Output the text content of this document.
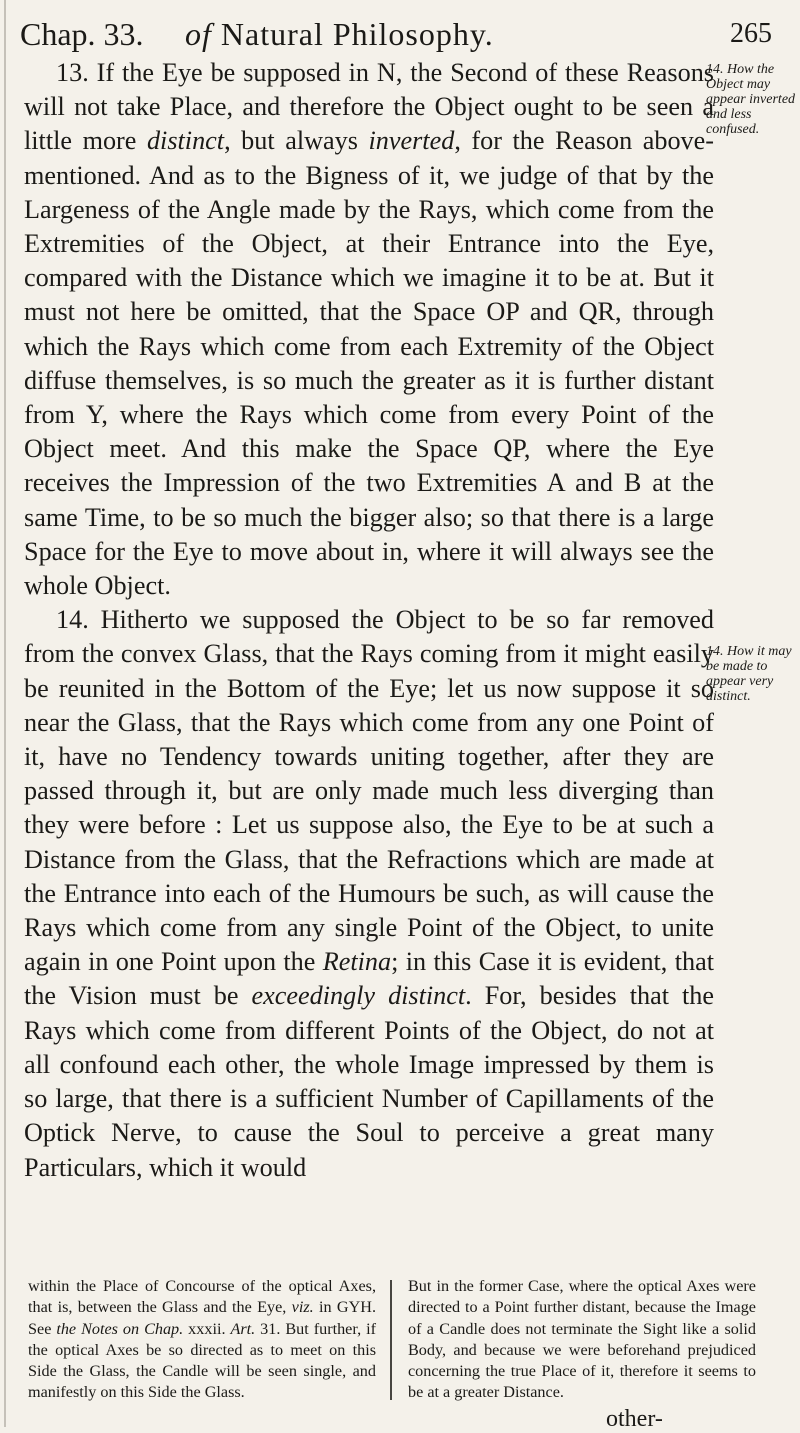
Chap. 33. of Natural Philosophy.	265

13. If the Eye be supposed in N, the Second of these Reasons will not take Place, and therefore the Object ought to be seen a little more distinct, but always inverted, for the Reason above-mentioned. And as to the Bigness of it, we judge of that by the Largeness of the Angle made by the Rays, which come from the Extremities of the Object, at their Entrance into the Eye, compared with the Distance which we imagine it to be at. But it must not here be omitted, that the Space OP and QR, through which the Rays which come from each Extremity of the Object diffuse themselves, is so much the greater as it is further distant from Y, where the Rays which come from every Point of the Object meet. And this make the Space QP, where the Eye receives the Impression of the two Extremities A and B at the same Time, to be so much the bigger also; so that there is a large Space for the Eye to move about in, where it will always see the whole Object.

14. Hitherto we supposed the Object to be so far removed from the convex Glass, that the Rays coming from it might easily be reunited in the Bottom of the Eye; let us now suppose it so near the Glass, that the Rays which come from any one Point of it, have no Tendency towards uniting together, after they are passed through it, but are only made much less diverging than they were before : Let us suppose also, the Eye to be at such a Distance from the Glass, that the Refractions which are made at the Entrance into each of the Humours be such, as will cause the Rays which come from any single Point of the Object, to unite again in one Point upon the Retina; in this Case it is evident, that the Vision must be exceedingly distinct. For, besides that the Rays which come from different Points of the Object, do not at all confound each other, the whole Image impressed by them is so large, that there is a sufficient Number of Capillaments of the Optick Nerve, to cause the Soul to perceive a great many Particulars, which it would

14. How the Object may appear inverted and less confused.
14. How it may be made to appear very distinct.
within the Place of Concourse of the optical Axes, that is, between the Glass and the Eye, viz. in GYH. See the Notes on Chap. xxxii. Art. 31. But further, if the optical Axes be so directed as to meet on this Side the Glass, the Candle will be seen single, and manifestly on this Side the Glass.
But in the former Case, where the optical Axes were directed to a Point further distant, because the Image of a Candle does not terminate the Sight like a solid Body, and because we were beforehand prejudiced concerning the true Place of it, therefore it seems to be at a greater Distance.
other-
